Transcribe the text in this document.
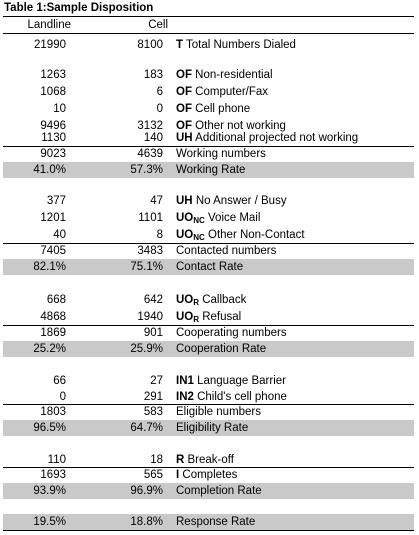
Table 1:Sample Disposition
Landline	Cell
21990	8100 T Total Numbers Dialed
1263	183 OF Non-residential
1068	6 OF Computer/Fax
10	0 OF Cell phone
9496	3132 OF Other not working
1130	140 UH Additional projected not working
9023	4639 Working numbers
41.0%	57.3% Working Rate
377	47 UH No Answer / Busy
1201	1101 $UO_{NC}$ Voice Mail
40	8 $UO_{NC}$ Other Non-Contact
7405	3483 Contacted numbers
82.1%	75.1% Contact Rate
668	642 $UO_R$ Callback
4868	1940 $UO_R$ Refusal
1869	901 Cooperating numbers
25.2%	25.9% Cooperation Rate
66	27 IN1 Language Barrier
0	291 IN2 Child's cell phone
1803	583 Eligible numbers
96.5%	64.7% Eligibility Rate
110	18 R Break-off
1693	565 I Completes
93.9%	96.9% Completion Rate
19.5%	18.8% Response Rate
